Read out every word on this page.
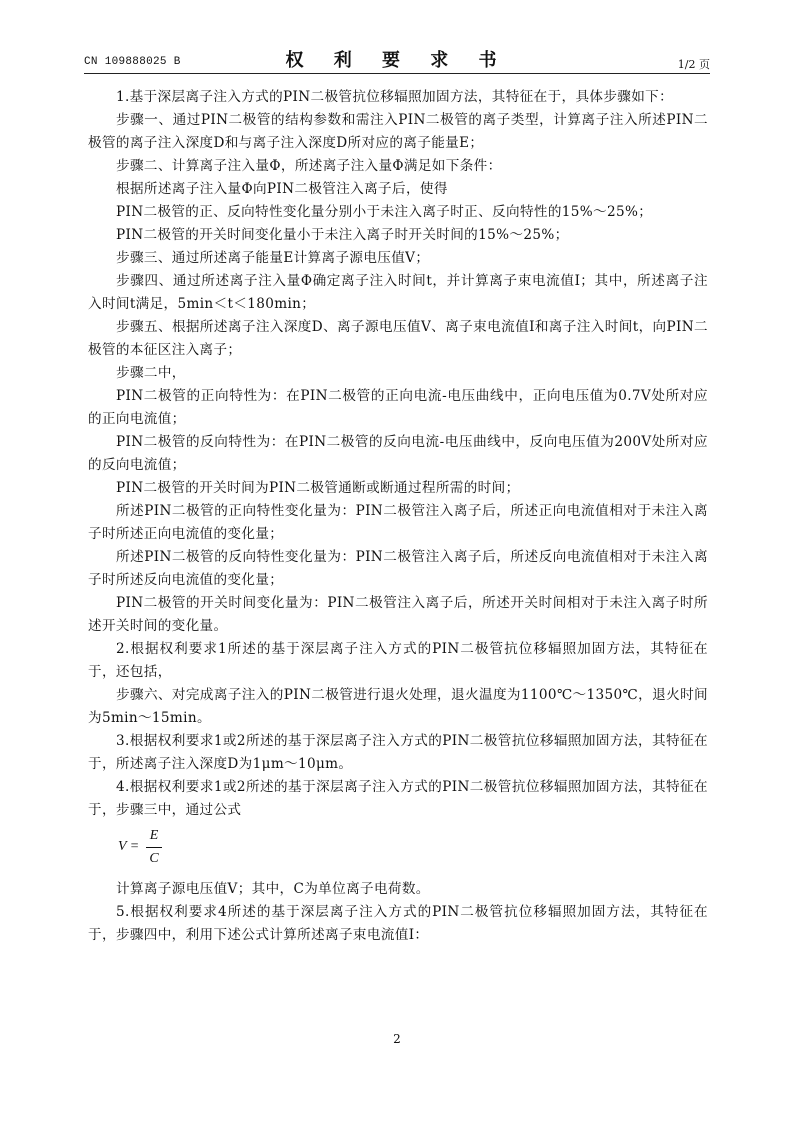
CN 109888025 B	权 利 要 求 书	1/2 页

1.基于深层离子注入方式的PIN二极管抗位移辐照加固方法，其特征在于，具体步骤如下：

步骤一、通过PIN二极管的结构参数和需注入PIN二极管的离子类型，计算离子注入所述PIN二极管的离子注入深度D和与离子注入深度D所对应的离子能量E；

步骤二、计算离子注入量Φ，所述离子注入量Φ满足如下条件：

根据所述离子注入量Φ向PIN二极管注入离子后，使得

PIN二极管的正、反向特性变化量分别小于未注入离子时正、反向特性的15%～25%；

PIN二极管的开关时间变化量小于未注入离子时开关时间的15%～25%；

步骤三、通过所述离子能量E计算离子源电压值V；

步骤四、通过所述离子注入量Φ确定离子注入时间t，并计算离子束电流值I；其中，所述离子注入时间t满足，5min＜t＜180min；

步骤五、根据所述离子注入深度D、离子源电压值V、离子束电流值I和离子注入时间t，向PIN二极管的本征区注入离子；

步骤二中，

PIN二极管的正向特性为：在PIN二极管的正向电流-电压曲线中，正向电压值为0.7V处所对应的正向电流值；

PIN二极管的反向特性为：在PIN二极管的反向电流-电压曲线中，反向电压值为200V处所对应的反向电流值；

PIN二极管的开关时间为PIN二极管通断或断通过程所需的时间；

所述PIN二极管的正向特性变化量为：PIN二极管注入离子后，所述正向电流值相对于未注入离子时所述正向电流值的变化量；

所述PIN二极管的反向特性变化量为：PIN二极管注入离子后，所述反向电流值相对于未注入离子时所述反向电流值的变化量；

PIN二极管的开关时间变化量为：PIN二极管注入离子后，所述开关时间相对于未注入离子时所述开关时间的变化量。

2.根据权利要求1所述的基于深层离子注入方式的PIN二极管抗位移辐照加固方法，其特征在于，还包括，

步骤六、对完成离子注入的PIN二极管进行退火处理，退火温度为1100℃～1350℃，退火时间为5min～15min。

3.根据权利要求1或2所述的基于深层离子注入方式的PIN二极管抗位移辐照加固方法，其特征在于，所述离子注入深度D为1μm～10μm。

4.根据权利要求1或2所述的基于深层离子注入方式的PIN二极管抗位移辐照加固方法，其特征在于，步骤三中，通过公式

V =
E
C

计算离子源电压值V；其中，C为单位离子电荷数。

5.根据权利要求4所述的基于深层离子注入方式的PIN二极管抗位移辐照加固方法，其特征在于，步骤四中，利用下述公式计算所述离子束电流值I：

2
